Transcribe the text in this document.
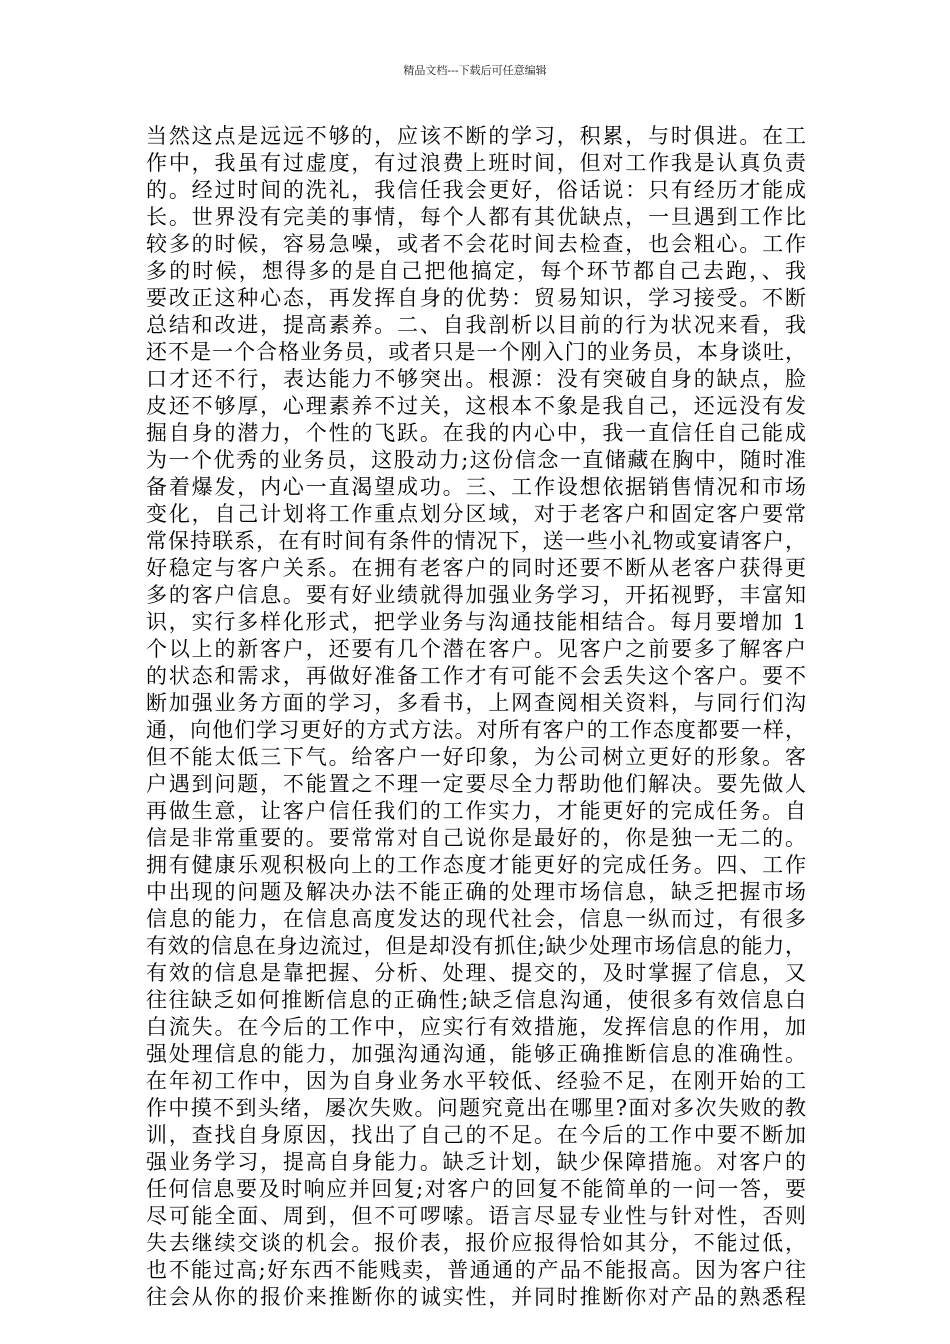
精品文档---下载后可任意编辑
当然这点是远远不够的，应该不断的学习，积累，与时俱进。在工
作中，我虽有过虚度，有过浪费上班时间，但对工作我是认真负责
的。经过时间的洗礼，我信任我会更好，俗话说：只有经历才能成
长。世界没有完美的事情，每个人都有其优缺点，一旦遇到工作比
较多的时候，容易急噪，或者不会花时间去检查，也会粗心。工作
多的时候，想得多的是自己把他搞定，每个环节都自己去跑，、我
要改正这种心态，再发挥自身的优势：贸易知识，学习接受。不断
总结和改进，提高素养。二、自我剖析以目前的行为状况来看，我
还不是一个合格业务员，或者只是一个刚入门的业务员，本身谈吐，
口才还不行，表达能力不够突出。根源：没有突破自身的缺点，脸
皮还不够厚，心理素养不过关，这根本不象是我自己，还远没有发
掘自身的潜力，个性的飞跃。在我的内心中，我一直信任自己能成
为一个优秀的业务员，这股动力;这份信念一直储藏在胸中，随时准
备着爆发，内心一直渴望成功。三、工作设想依据销售情况和市场
变化，自己计划将工作重点划分区域，对于老客户和固定客户要常
常保持联系，在有时间有条件的情况下，送一些小礼物或宴请客户，
好稳定与客户关系。在拥有老客户的同时还要不断从老客户获得更
多的客户信息。要有好业绩就得加强业务学习，开拓视野，丰富知
识，实行多样化形式，把学业务与沟通技能相结合。每月要增加 1
个以上的新客户，还要有几个潜在客户。见客户之前要多了解客户
的状态和需求，再做好准备工作才有可能不会丢失这个客户。要不
断加强业务方面的学习，多看书，上网查阅相关资料，与同行们沟
通，向他们学习更好的方式方法。对所有客户的工作态度都要一样，
但不能太低三下气。给客户一好印象，为公司树立更好的形象。客
户遇到问题，不能置之不理一定要尽全力帮助他们解决。要先做人
再做生意，让客户信任我们的工作实力，才能更好的完成任务。自
信是非常重要的。要常常对自己说你是最好的，你是独一无二的。
拥有健康乐观积极向上的工作态度才能更好的完成任务。四、工作
中出现的问题及解决办法不能正确的处理市场信息，缺乏把握市场
信息的能力，在信息高度发达的现代社会，信息一纵而过，有很多
有效的信息在身边流过，但是却没有抓住;缺少处理市场信息的能力，
有效的信息是靠把握、分析、处理、提交的，及时掌握了信息，又
往往缺乏如何推断信息的正确性;缺乏信息沟通，使很多有效信息白
白流失。在今后的工作中，应实行有效措施，发挥信息的作用，加
强处理信息的能力，加强沟通沟通，能够正确推断信息的准确性。
在年初工作中，因为自身业务水平较低、经验不足，在刚开始的工
作中摸不到头绪，屡次失败。问题究竟出在哪里?面对多次失败的教
训，查找自身原因，找出了自己的不足。在今后的工作中要不断加
强业务学习，提高自身能力。缺乏计划，缺少保障措施。对客户的
任何信息要及时响应并回复;对客户的回复不能简单的一问一答，要
尽可能全面、周到，但不可啰嗦。语言尽显专业性与针对性，否则
失去继续交谈的机会。报价表，报价应报得恰如其分，不能过低，
也不能过高;好东西不能贱卖，普通通的产品不能报高。因为客户往
往会从你的报价来推断你的诚实性，并同时推断你对产品的熟悉程
